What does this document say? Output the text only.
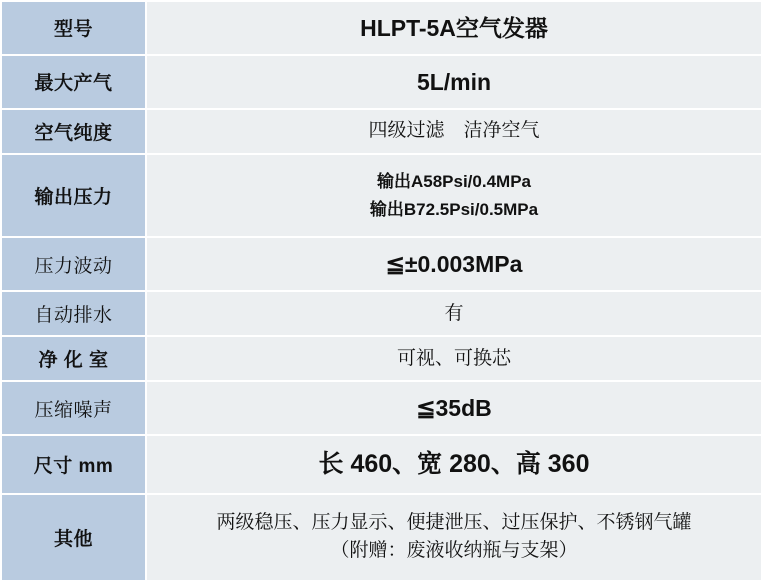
型号	HLPT-5A空气发器

最大产气	5L/min

空气纯度	四级过滤　洁净空气

输出压力	输出A58Psi/0.4MPa
输出B72.5Psi/0.5MPa

压力波动	≦±0.003MPa

自动排水	有

净 化 室	可视、可换芯

压缩噪声	≦35dB

尺寸 mm	长 460、宽 280、高 360

其他	两级稳压、压力显示、便捷泄压、过压保护、不锈钢气罐
（附赠：废液收纳瓶与支架）
